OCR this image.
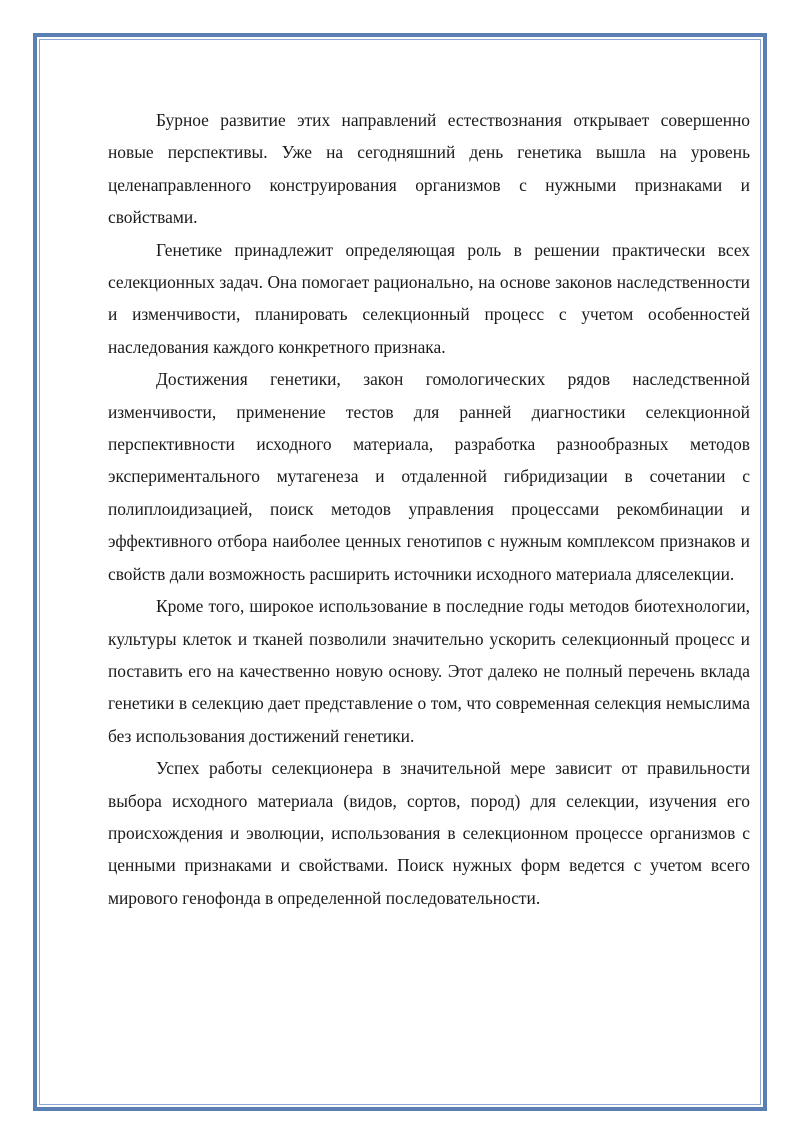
Бурное развитие этих направлений естествознания открывает совершенно новые перспективы. Уже на сегодняшний день генетика вышла на уровень целенаправленного конструирования организмов с нужными признаками и свойствами.

Генетике принадлежит определяющая роль в решении практически всех селекционных задач. Она помогает рационально, на основе законов наследственности и изменчивости, планировать селекционный процесс с учетом особенностей наследования каждого конкретного признака.

Достижения генетики, закон гомологических рядов наследственной изменчивости, применение тестов для ранней диагностики селекционной перспективности исходного материала, разработка разнообразных методов экспериментального мутагенеза и отдаленной гибридизации в сочетании с полиплоидизацией, поиск методов управления процессами рекомбинации и эффективного отбора наиболее ценных генотипов с нужным комплексом признаков и свойств дали возможность расширить источники исходного материала дляселекции.

Кроме того, широкое использование в последние годы методов биотехнологии, культуры клеток и тканей позволили значительно ускорить селекционный процесс и поставить его на качественно новую основу. Этот далеко не полный перечень вклада генетики в селекцию дает представление о том, что современная селекция немыслима без использования достижений генетики.

Успех работы селекционера в значительной мере зависит от правильности выбора исходного материала (видов, сортов, пород) для селекции, изучения его происхождения и эволюции, использования в селекционном процессе организмов с ценными признаками и свойствами. Поиск нужных форм ведется с учетом всего мирового генофонда в определенной последовательности.
